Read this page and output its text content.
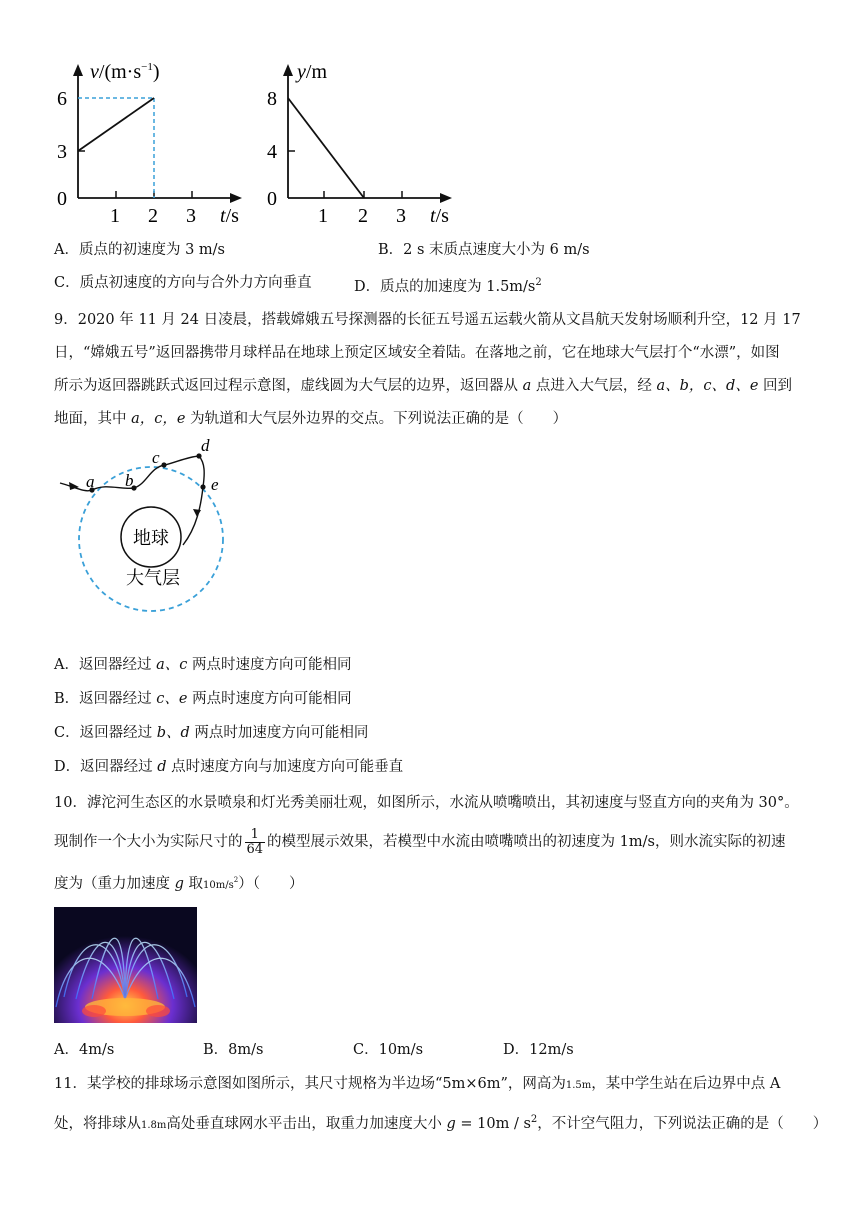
$v/(m\cdot s^{-1})$
6
3
0
1 2 3 t/s
y/m
8
4
0
1 2 3 t/s
A．质点的初速度为 3 m/s	B．2 s 末质点速度大小为 6 m/s
C．质点初速度的方向与合外力方向垂直	D．质点的加速度为 $1.5m/s^2$
9．2020 年 11 月 24 日凌晨，搭载嫦娥五号探测器的长征五号遥五运载火箭从文昌航天发射场顺利升空，12 月 17
日，“嫦娥五号”返回器携带月球样品在地球上预定区域安全着陆。在落地之前，它在地球大气层打个“水漂”，如图
所示为返回器跳跃式返回过程示意图，虚线圆为大气层的边界，返回器从 a 点进入大气层，经 a、b，c、d、e 回到
地面，其中 a，c，e 为轨道和大气层外边界的交点。下列说法正确的是（　　）
地球
大气层
a b
c
d
e
A．返回器经过 a、c 两点时速度方向可能相同
B．返回器经过 c、e 两点时速度方向可能相同
C．返回器经过 b、d 两点时加速度方向可能相同
D．返回器经过 d 点时速度方向与加速度方向可能垂直
10．滹沱河生态区的水景喷泉和灯光秀美丽壮观，如图所示，水流从喷嘴喷出，其初速度与竖直方向的夹角为 30°。
现制作一个大小为实际尺寸的 $\frac{1}{64}$ 的模型展示效果，若模型中水流由喷嘴喷出的初速度为 1m/s，则水流实际的初速
度为（重力加速度 g 取$10m/s^2$）（　　）
A．4m/s	B．8m/s	C．10m/s	D．12m/s
11．某学校的排球场示意图如图所示，其尺寸规格为半边场“5m×6m”，网高为1.5m，某中学生站在后边界中点 A
处，将排球从1.8m高处垂直球网水平击出，取重力加速度大小 $g = 10m / s^2$，不计空气阻力，下列说法正确的是（　　）
